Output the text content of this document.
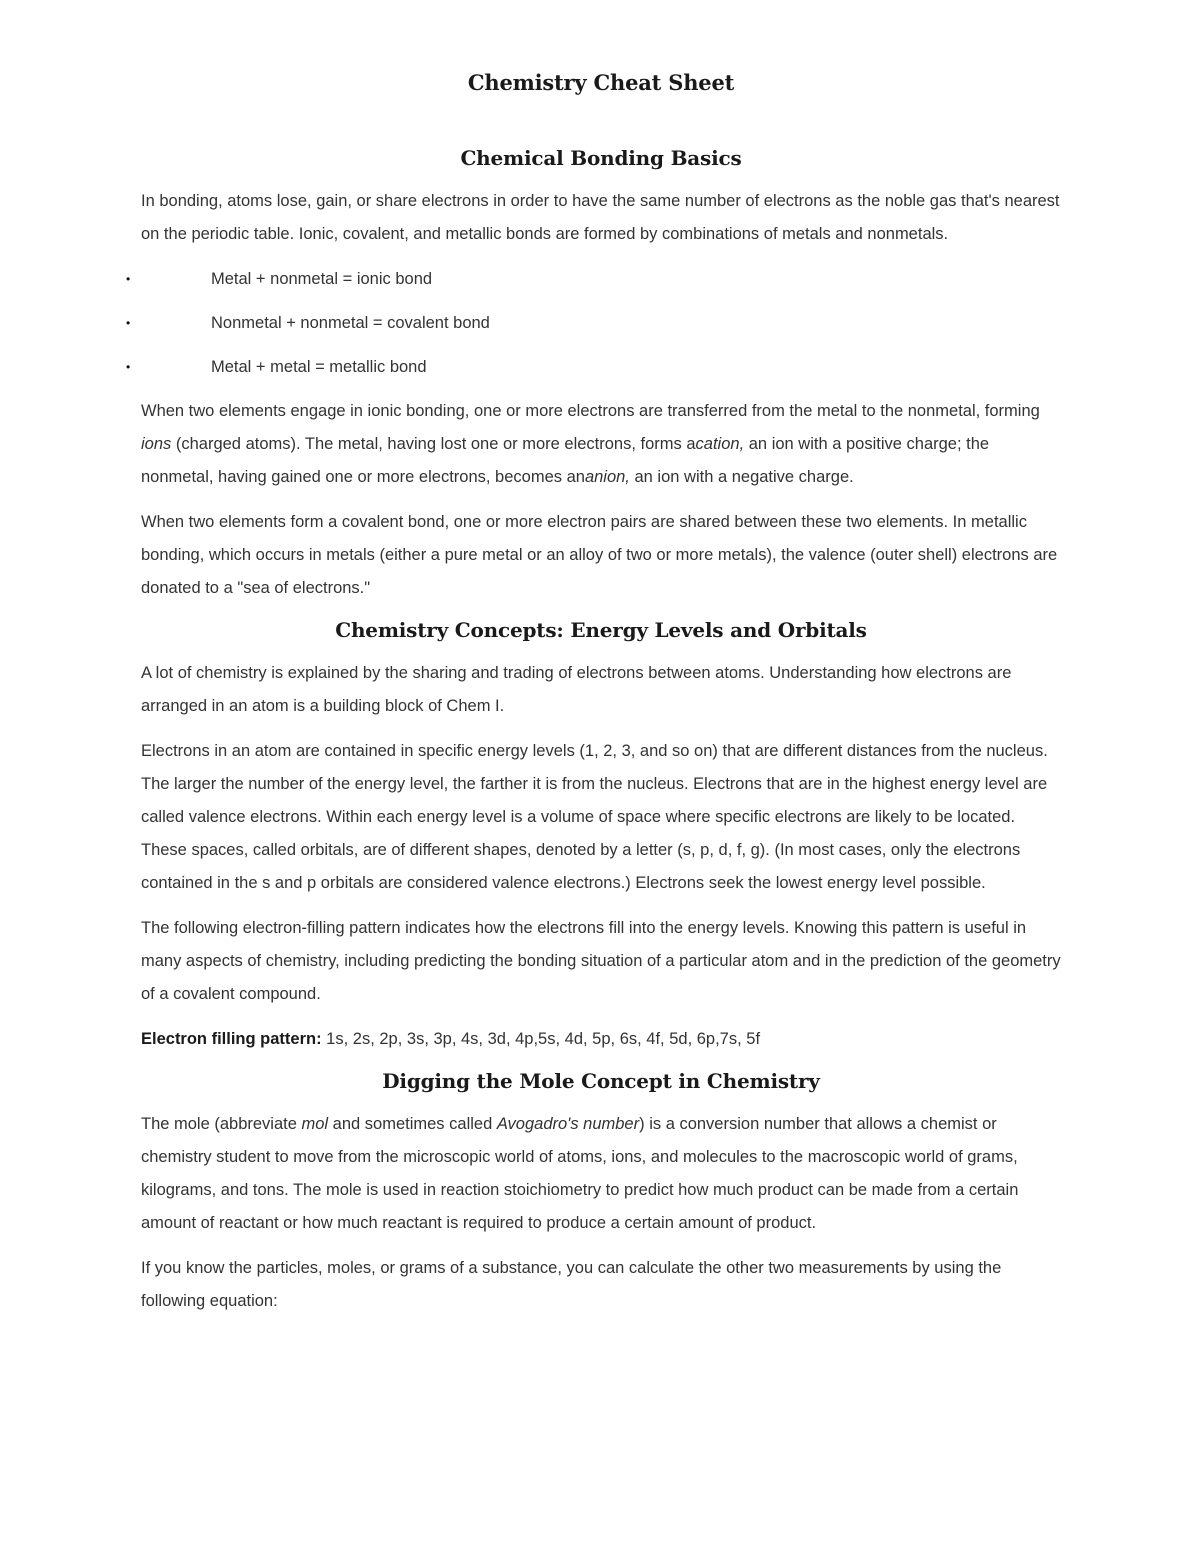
Chemistry Cheat Sheet
Chemical Bonding Basics

In bonding, atoms lose, gain, or share electrons in order to have the same number of electrons as the noble gas that's nearest on the periodic table. Ionic, covalent, and metallic bonds are formed by combinations of metals and nonmetals.

•	Metal + nonmetal = ionic bond
•	Nonmetal + nonmetal = covalent bond
•	Metal + metal = metallic bond

When two elements engage in ionic bonding, one or more electrons are transferred from the metal to the nonmetal, forming ions (charged atoms). The metal, having lost one or more electrons, forms acation, an ion with a positive charge; the nonmetal, having gained one or more electrons, becomes ananion, an ion with a negative charge.

When two elements form a covalent bond, one or more electron pairs are shared between these two elements. In metallic bonding, which occurs in metals (either a pure metal or an alloy of two or more metals), the valence (outer shell) electrons are donated to a "sea of electrons."

Chemistry Concepts: Energy Levels and Orbitals

A lot of chemistry is explained by the sharing and trading of electrons between atoms. Understanding how electrons are arranged in an atom is a building block of Chem I.

Electrons in an atom are contained in specific energy levels (1, 2, 3, and so on) that are different distances from the nucleus. The larger the number of the energy level, the farther it is from the nucleus. Electrons that are in the highest energy level are called valence electrons. Within each energy level is a volume of space where specific electrons are likely to be located. These spaces, called orbitals, are of different shapes, denoted by a letter (s, p, d, f, g). (In most cases, only the electrons contained in the s and p orbitals are considered valence electrons.) Electrons seek the lowest energy level possible.

The following electron-filling pattern indicates how the electrons fill into the energy levels. Knowing this pattern is useful in many aspects of chemistry, including predicting the bonding situation of a particular atom and in the prediction of the geometry of a covalent compound.

Electron filling pattern: 1s, 2s, 2p, 3s, 3p, 4s, 3d, 4p,5s, 4d, 5p, 6s, 4f, 5d, 6p,7s, 5f

Digging the Mole Concept in Chemistry

The mole (abbreviate mol and sometimes called Avogadro's number) is a conversion number that allows a chemist or chemistry student to move from the microscopic world of atoms, ions, and molecules to the macroscopic world of grams, kilograms, and tons. The mole is used in reaction stoichiometry to predict how much product can be made from a certain amount of reactant or how much reactant is required to produce a certain amount of product.

If you know the particles, moles, or grams of a substance, you can calculate the other two measurements by using the following equation:
